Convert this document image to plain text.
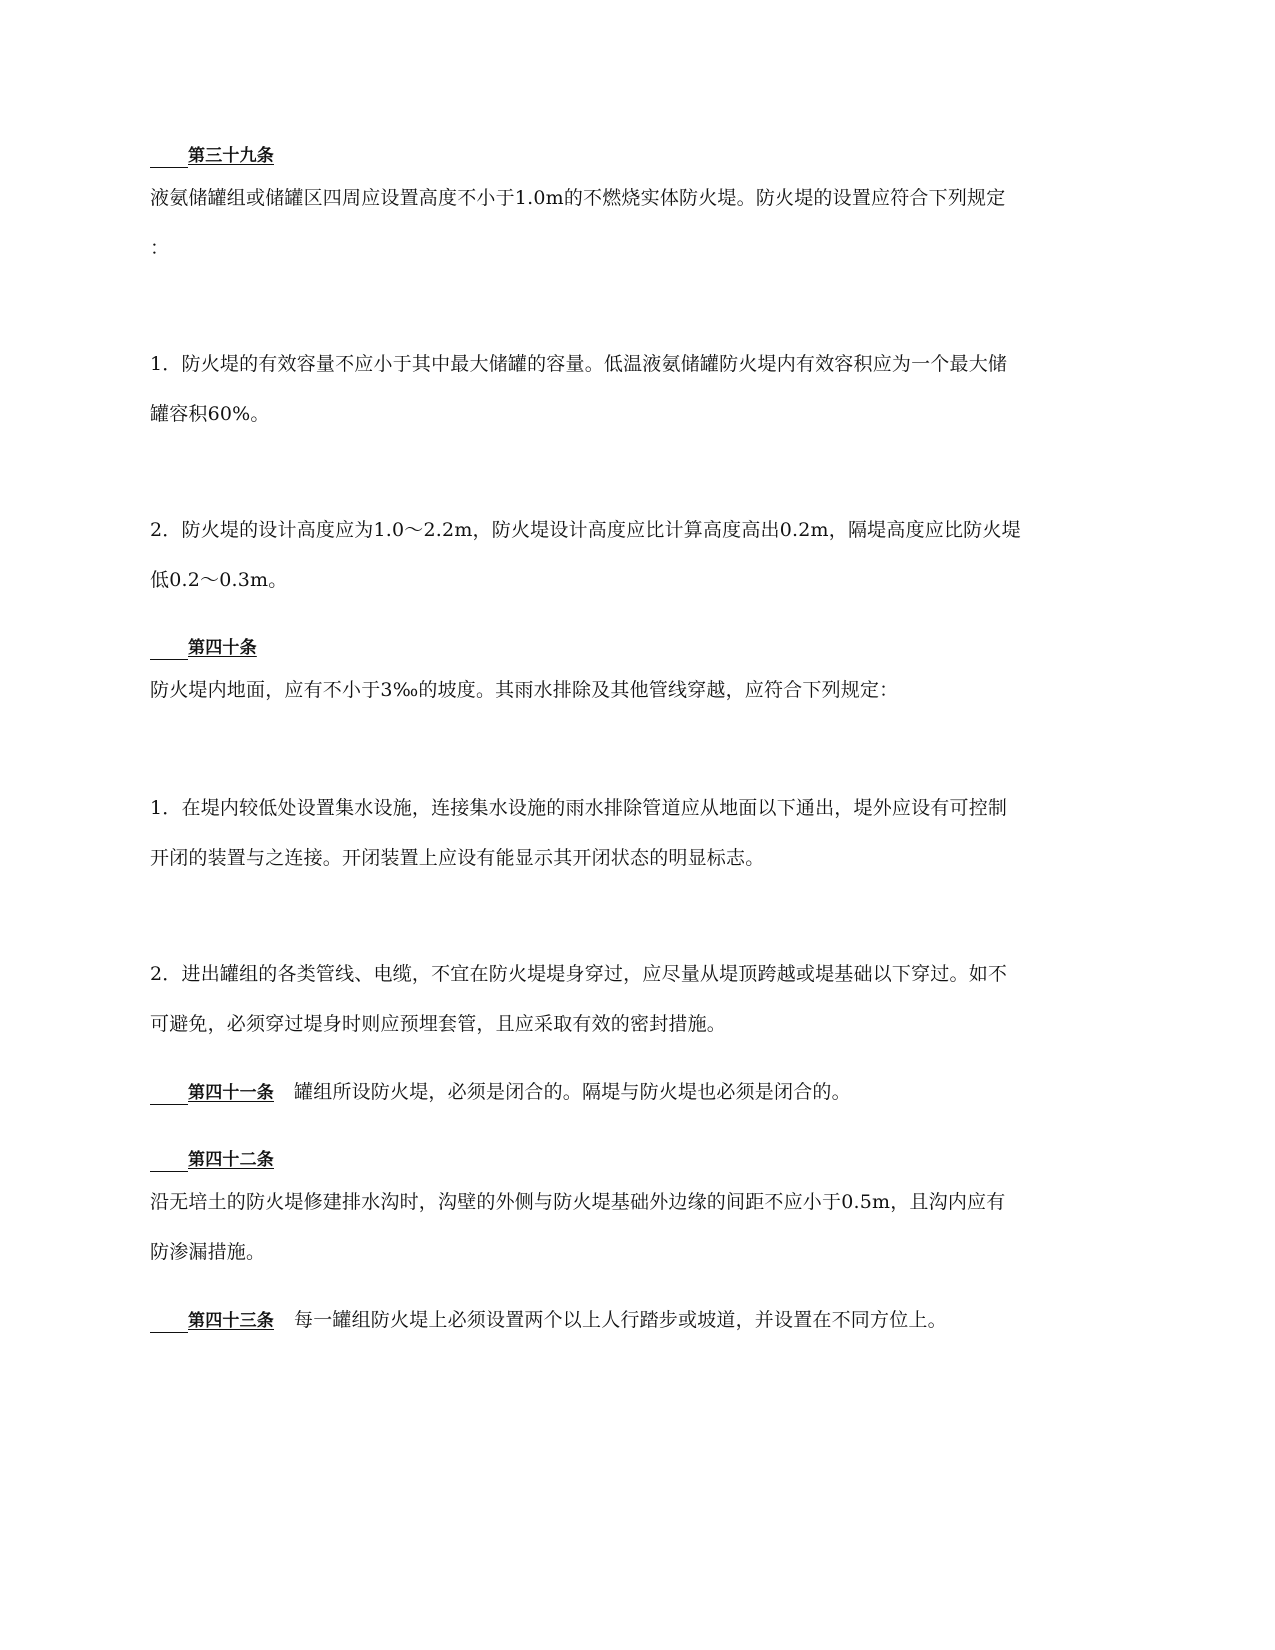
第三十九条
液氨储罐组或储罐区四周应设置高度不小于1.0m的不燃烧实体防火堤。防火堤的设置应符合下列规定
：
1．防火堤的有效容量不应小于其中最大储罐的容量。低温液氨储罐防火堤内有效容积应为一个最大储
罐容积60%。
2．防火堤的设计高度应为1.0～2.2m，防火堤设计高度应比计算高度高出0.2m，隔堤高度应比防火堤
低0.2～0.3m。
第四十条
防火堤内地面，应有不小于3‰的坡度。其雨水排除及其他管线穿越，应符合下列规定：
1．在堤内较低处设置集水设施，连接集水设施的雨水排除管道应从地面以下通出，堤外应设有可控制
开闭的装置与之连接。开闭装置上应设有能显示其开闭状态的明显标志。
2．进出罐组的各类管线、电缆，不宜在防火堤堤身穿过，应尽量从堤顶跨越或堤基础以下穿过。如不
可避免，必须穿过堤身时则应预埋套管，且应采取有效的密封措施。
第四十一条 罐组所设防火堤，必须是闭合的。隔堤与防火堤也必须是闭合的。
第四十二条
沿无培土的防火堤修建排水沟时，沟壁的外侧与防火堤基础外边缘的间距不应小于0.5m，且沟内应有
防渗漏措施。
第四十三条 每一罐组防火堤上必须设置两个以上人行踏步或坡道，并设置在不同方位上。
